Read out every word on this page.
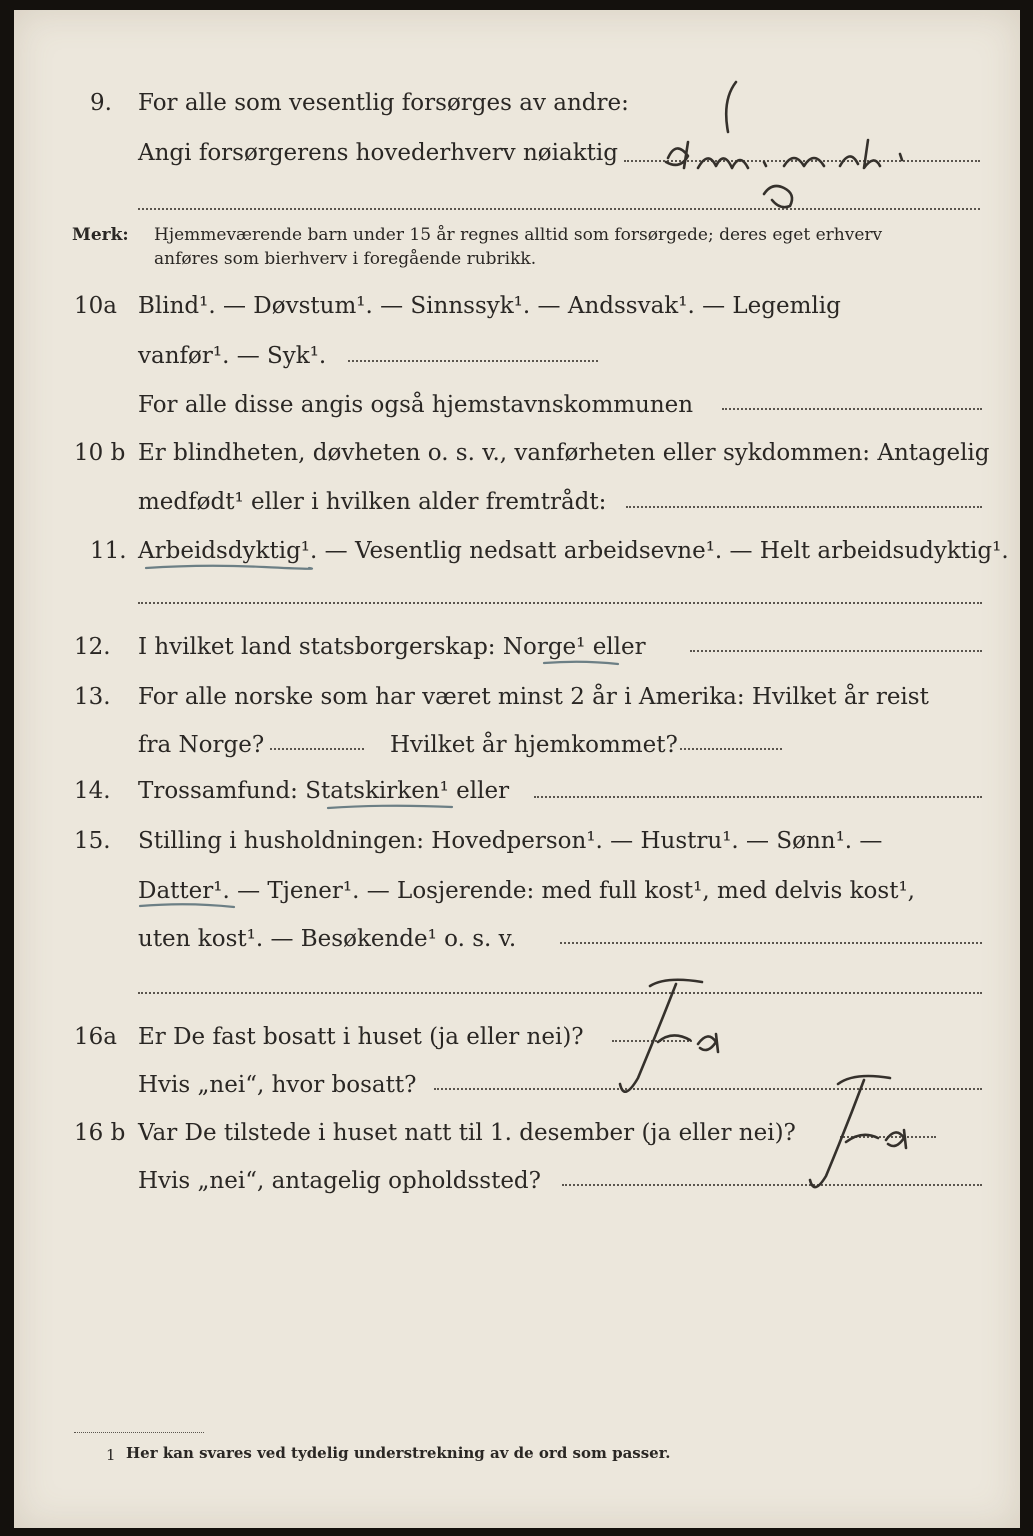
9. For alle som vesentlig forsørges av andre:
Angi forsørgerens hovederhverv nøiaktig
Merk: Hjemmeværende barn under 15 år regnes alltid som forsørgede; deres eget erhverv
anføres som bierhverv i foregående rubrikk.
10a Blind¹. — Døvstum¹. — Sinnssyk¹. — Andssvak¹. — Legemlig
vanfør¹. — Syk¹.
For alle disse angis også hjemstavnskommunen
10 b Er blindheten, døvheten o. s. v., vanførheten eller sykdommen: Antagelig
medfødt¹ eller i hvilken alder fremtrådt:
11. Arbeidsdyktig¹. — Vesentlig nedsatt arbeidsevne¹. — Helt arbeidsudyktig¹.
12. I hvilket land statsborgerskap: Norge¹ eller
13. For alle norske som har været minst 2 år i Amerika: Hvilket år reist
fra Norge?	Hvilket år hjemkommet?
14. Trossamfund: Statskirken¹ eller
15. Stilling i husholdningen: Hovedperson¹. — Hustru¹. — Sønn¹. —
Datter¹. — Tjener¹. — Losjerende: med full kost¹, med delvis kost¹,
uten kost¹. — Besøkende¹ o. s. v.
16a Er De fast bosatt i huset (ja eller nei)?
Hvis „nei“, hvor bosatt?
16 b Var De tilstede i huset natt til 1. desember (ja eller nei)?
Hvis „nei“, antagelig opholdssted?
1 Her kan svares ved tydelig understrekning av de ord som passer.
